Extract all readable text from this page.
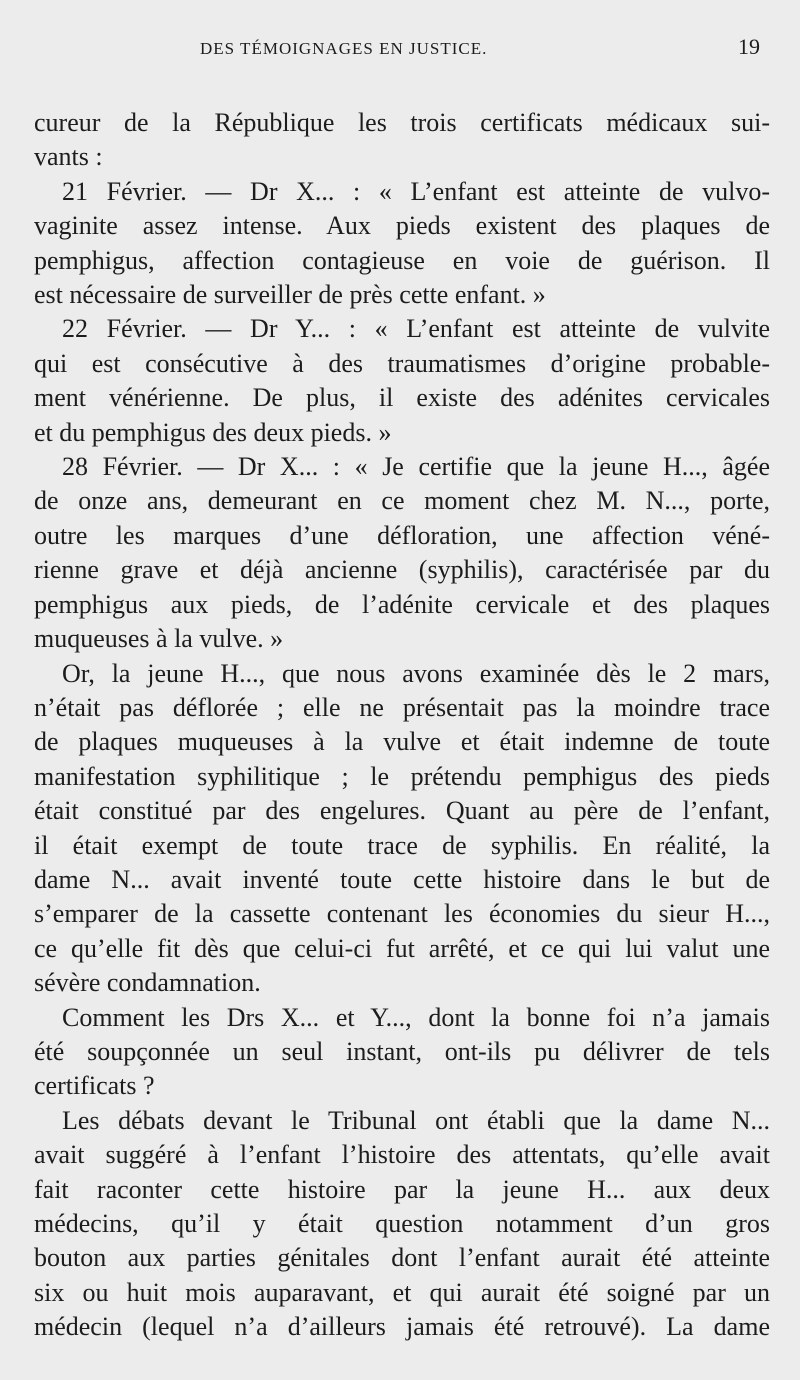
DES TÉMOIGNAGES EN JUSTICE.	19
cureur de la République les trois certificats médicaux sui-
vants :
21 Février. — Dr X... : « L’enfant est atteinte de vulvo-
vaginite assez intense. Aux pieds existent des plaques de
pemphigus, affection contagieuse en voie de guérison. Il
est nécessaire de surveiller de près cette enfant. »
22 Février. — Dr Y... : « L’enfant est atteinte de vulvite
qui est consécutive à des traumatismes d’origine probable-
ment vénérienne. De plus, il existe des adénites cervicales
et du pemphigus des deux pieds. »
28 Février. — Dr X... : « Je certifie que la jeune H..., âgée
de onze ans, demeurant en ce moment chez M. N..., porte,
outre les marques d’une défloration, une affection véné-
rienne grave et déjà ancienne (syphilis), caractérisée par du
pemphigus aux pieds, de l’adénite cervicale et des plaques
muqueuses à la vulve. »
Or, la jeune H..., que nous avons examinée dès le 2 mars,
n’était pas déflorée ; elle ne présentait pas la moindre trace
de plaques muqueuses à la vulve et était indemne de toute
manifestation syphilitique ; le prétendu pemphigus des pieds
était constitué par des engelures. Quant au père de l’enfant,
il était exempt de toute trace de syphilis. En réalité, la
dame N... avait inventé toute cette histoire dans le but de
s’emparer de la cassette contenant les économies du sieur H...,
ce qu’elle fit dès que celui-ci fut arrêté, et ce qui lui valut une
sévère condamnation.
Comment les Drs X... et Y..., dont la bonne foi n’a jamais
été soupçonnée un seul instant, ont-ils pu délivrer de tels
certificats ?
Les débats devant le Tribunal ont établi que la dame N...
avait suggéré à l’enfant l’histoire des attentats, qu’elle avait
fait raconter cette histoire par la jeune H... aux deux
médecins, qu’il y était question notamment d’un gros
bouton aux parties génitales dont l’enfant aurait été atteinte
six ou huit mois auparavant, et qui aurait été soigné par un
médecin (lequel n’a d’ailleurs jamais été retrouvé). La dame
